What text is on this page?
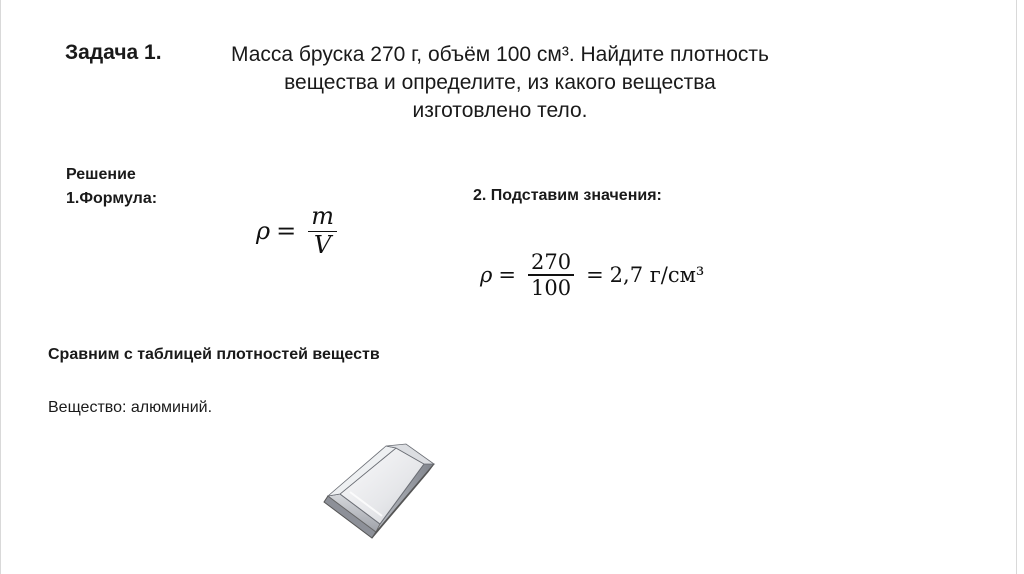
Задача 1.	Масса бруска 270 г, объём 100 см³. Найдите плотность вещества и определите, из какого вещества изготовлено тело.
Решение
1.Формула:
$\rho = \frac{m}{V}$
2. Подставим значения:
$\rho = \frac{270}{100} = 2,7$ г/см³
Сравним с таблицей плотностей веществ
Вещество: алюминий.
